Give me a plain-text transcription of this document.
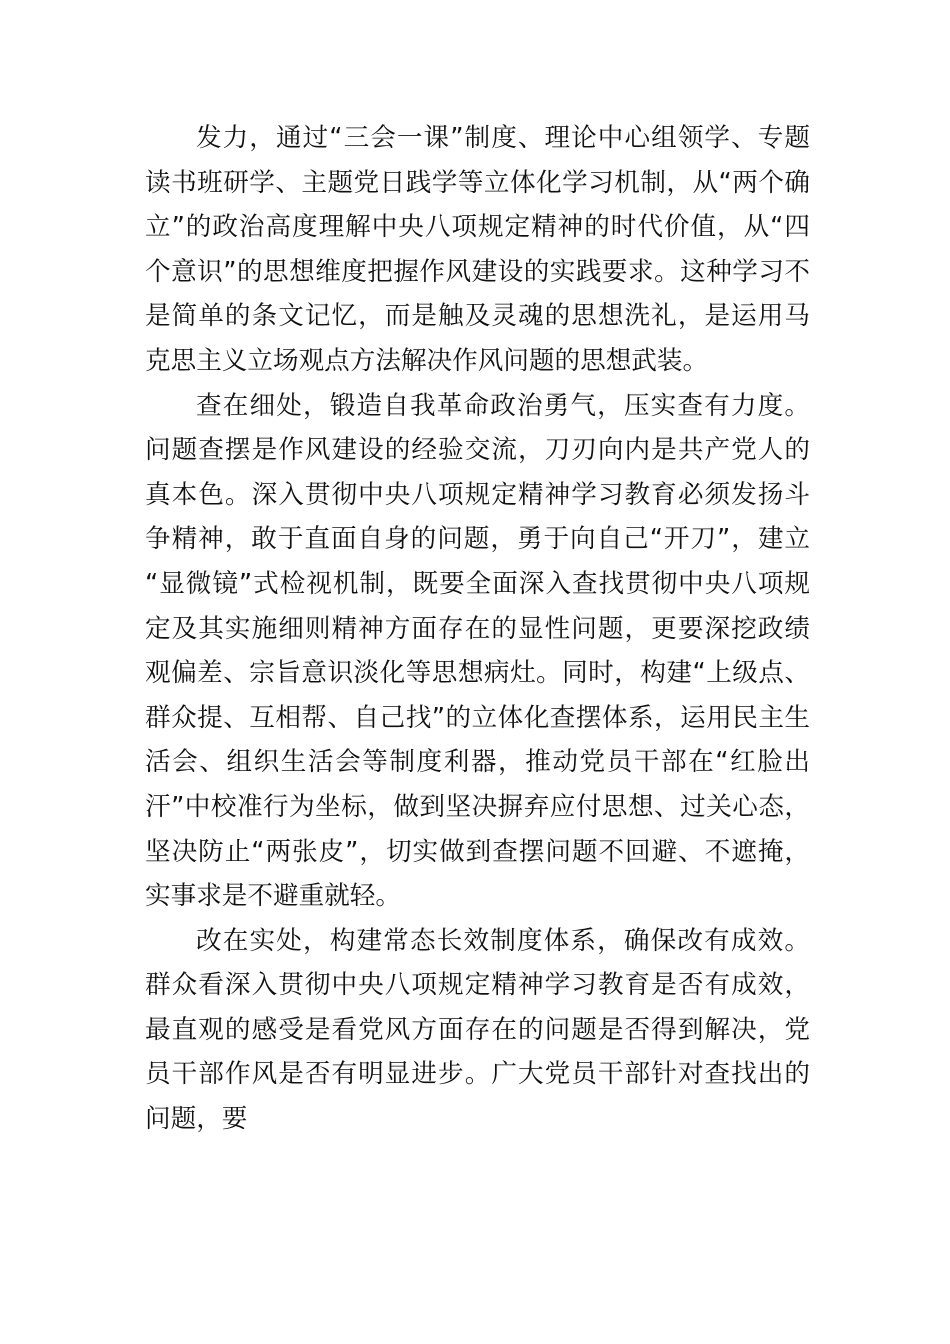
发力，通过“三会一课”制度、理论中心组领学、专题
读书班研学、主题党日践学等立体化学习机制，从“两个确
立”的政治高度理解中央八项规定精神的时代价值，从“四
个意识”的思想维度把握作风建设的实践要求。这种学习不
是简单的条文记忆，而是触及灵魂的思想洗礼，是运用马
克思主义立场观点方法解决作风问题的思想武装。
查在细处，锻造自我革命政治勇气，压实查有力度。
问题查摆是作风建设的经验交流，刀刃向内是共产党人的
真本色。深入贯彻中央八项规定精神学习教育必须发扬斗
争精神，敢于直面自身的问题，勇于向自己“开刀”，建立
“显微镜”式检视机制，既要全面深入查找贯彻中央八项规
定及其实施细则精神方面存在的显性问题，更要深挖政绩
观偏差、宗旨意识淡化等思想病灶。同时，构建“上级点、
群众提、互相帮、自己找”的立体化查摆体系，运用民主生
活会、组织生活会等制度利器，推动党员干部在“红脸出
汗”中校准行为坐标，做到坚决摒弃应付思想、过关心态，
坚决防止“两张皮”，切实做到查摆问题不回避、不遮掩，
实事求是不避重就轻。
改在实处，构建常态长效制度体系，确保改有成效。
群众看深入贯彻中央八项规定精神学习教育是否有成效，
最直观的感受是看党风方面存在的问题是否得到解决，党
员干部作风是否有明显进步。广大党员干部针对查找出的
问题，要
